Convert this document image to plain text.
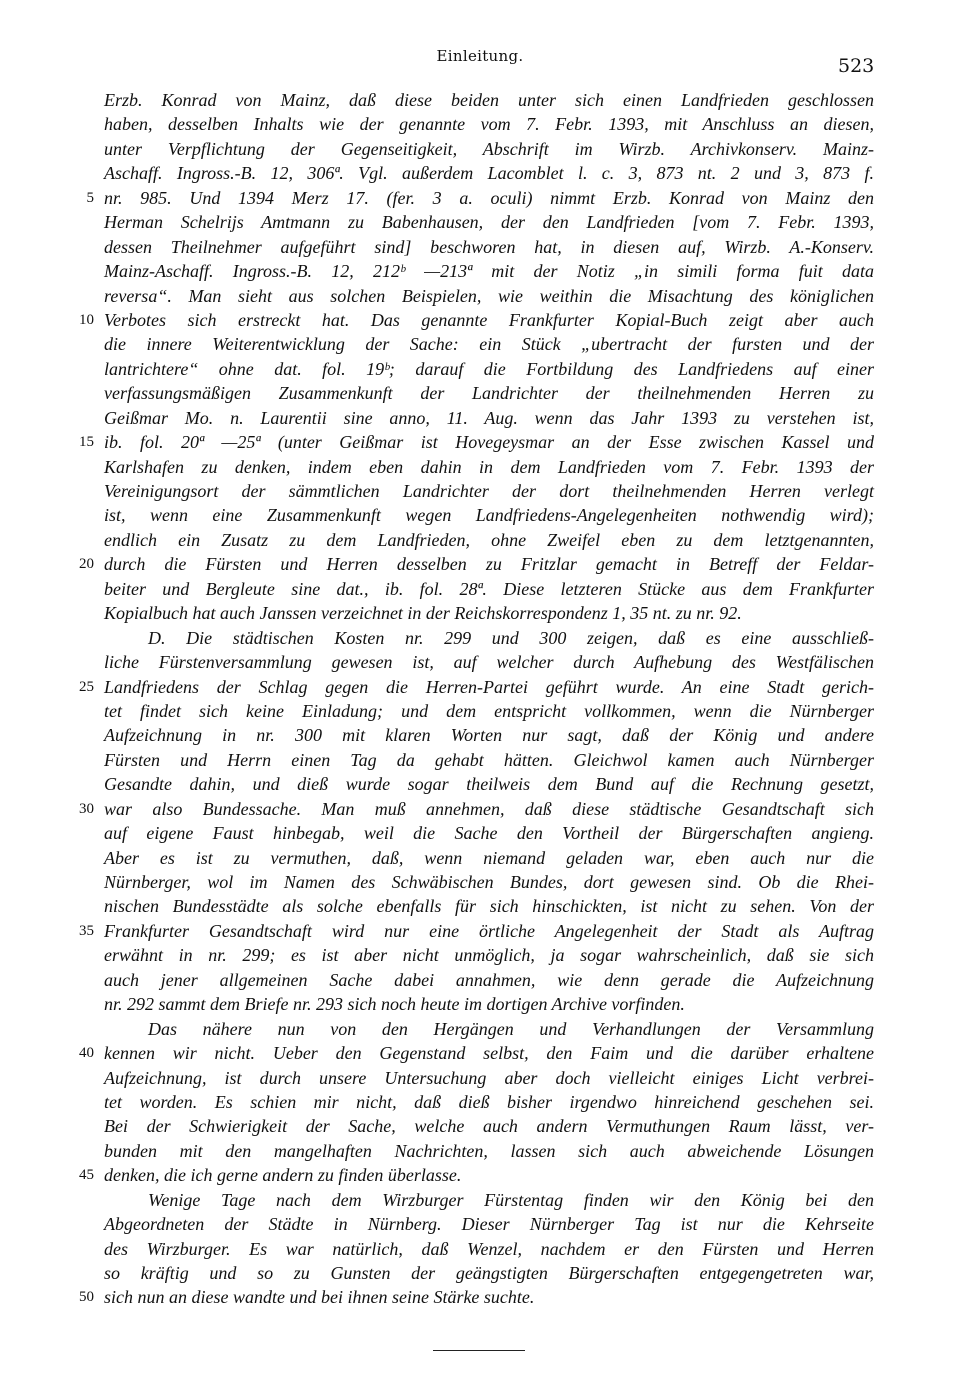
Einleitung.	523
Erzb. Konrad von Mainz, daß diese beiden unter sich einen Landfrieden geschlossen
haben, desselben Inhalts wie der genannte vom 7. Febr. 1393, mit Anschluss an diesen,
unter Verpflichtung der Gegenseitigkeit, Abschrift im Wirzb. Archivkonserv. Mainz-
Aschaff. Ingross.-B. 12, 306ª. Vgl. außerdem Lacomblet l. c. 3, 873 nt. 2 und 3, 873 f.
5 nr. 985. Und 1394 Merz 17. (fer. 3 a. oculi) nimmt Erzb. Konrad von Mainz den
Herman Schelrijs Amtmann zu Babenhausen, der den Landfrieden [vom 7. Febr. 1393,
dessen Theilnehmer aufgeführt sind] beschworen hat, in diesen auf, Wirzb. A.-Konserv.
Mainz-Aschaff. Ingross.-B. 12, 212ᵇ —213ª mit der Notiz „in simili forma fuit data
reversa“. Man sieht aus solchen Beispielen, wie weithin die Misachtung des königlichen
10 Verbotes sich erstreckt hat. Das genannte Frankfurter Kopial-Buch zeigt aber auch
die innere Weiterentwicklung der Sache: ein Stück „ubertracht der fursten und der
lantrichtere“ ohne dat. fol. 19ᵇ; darauf die Fortbildung des Landfriedens auf einer
verfassungsmäßigen Zusammenkunft der Landrichter der theilnehmenden Herren zu
Geißmar Mo. n. Laurentii sine anno, 11. Aug. wenn das Jahr 1393 zu verstehen ist,
15 ib. fol. 20ª —25ª (unter Geißmar ist Hovegeysmar an der Esse zwischen Kassel und
Karlshafen zu denken, indem eben dahin in dem Landfrieden vom 7. Febr. 1393 der
Vereinigungsort der sämmtlichen Landrichter der dort theilnehmenden Herren verlegt
ist, wenn eine Zusammenkunft wegen Landfriedens-Angelegenheiten nothwendig wird);
endlich ein Zusatz zu dem Landfrieden, ohne Zweifel eben zu dem letztgenannten,
20 durch die Fürsten und Herren desselben zu Fritzlar gemacht in Betreff der Feldar-
beiter und Bergleute sine dat., ib. fol. 28ª. Diese letzteren Stücke aus dem Frankfurter
Kopialbuch hat auch Janssen verzeichnet in der Reichskorrespondenz 1, 35 nt. zu nr. 92.
D. Die städtischen Kosten nr. 299 und 300 zeigen, daß es eine ausschließ-
liche Fürstenversammlung gewesen ist, auf welcher durch Aufhebung des Westfälischen
25 Landfriedens der Schlag gegen die Herren-Partei geführt wurde. An eine Stadt gerich-
tet findet sich keine Einladung; und dem entspricht vollkommen, wenn die Nürnberger
Aufzeichnung in nr. 300 mit klaren Worten nur sagt, daß der König und andere
Fürsten und Herrn einen Tag da gehabt hätten. Gleichwol kamen auch Nürnberger
Gesandte dahin, und dieß wurde sogar theilweis dem Bund auf die Rechnung gesetzt,
30 war also Bundessache. Man muß annehmen, daß diese städtische Gesandtschaft sich
auf eigene Faust hinbegab, weil die Sache den Vortheil der Bürgerschaften angieng.
Aber es ist zu vermuthen, daß, wenn niemand geladen war, eben auch nur die
Nürnberger, wol im Namen des Schwäbischen Bundes, dort gewesen sind. Ob die Rhei-
nischen Bundesstädte als solche ebenfalls für sich hinschickten, ist nicht zu sehen. Von der
35 Frankfurter Gesandtschaft wird nur eine örtliche Angelegenheit der Stadt als Auftrag
erwähnt in nr. 299; es ist aber nicht unmöglich, ja sogar wahrscheinlich, daß sie sich
auch jener allgemeinen Sache dabei annahmen, wie denn gerade die Aufzeichnung
nr. 292 sammt dem Briefe nr. 293 sich noch heute im dortigen Archive vorfinden.
Das nähere nun von den Hergängen und Verhandlungen der Versammlung
40 kennen wir nicht. Ueber den Gegenstand selbst, den Faim und die darüber erhaltene
Aufzeichnung, ist durch unsere Untersuchung aber doch vielleicht einiges Licht verbrei-
tet worden. Es schien mir nicht, daß dieß bisher irgendwo hinreichend geschehen sei.
Bei der Schwierigkeit der Sache, welche auch andern Vermuthungen Raum lässt, ver-
bunden mit den mangelhaften Nachrichten, lassen sich auch abweichende Lösungen
45 denken, die ich gerne andern zu finden überlasse.
Wenige Tage nach dem Wirzburger Fürstentag finden wir den König bei den
Abgeordneten der Städte in Nürnberg. Dieser Nürnberger Tag ist nur die Kehrseite
des Wirzburger. Es war natürlich, daß Wenzel, nachdem er den Fürsten und Herren
so kräftig und so zu Gunsten der geängstigten Bürgerschaften entgegengetreten war,
50 sich nun an diese wandte und bei ihnen seine Stärke suchte.
